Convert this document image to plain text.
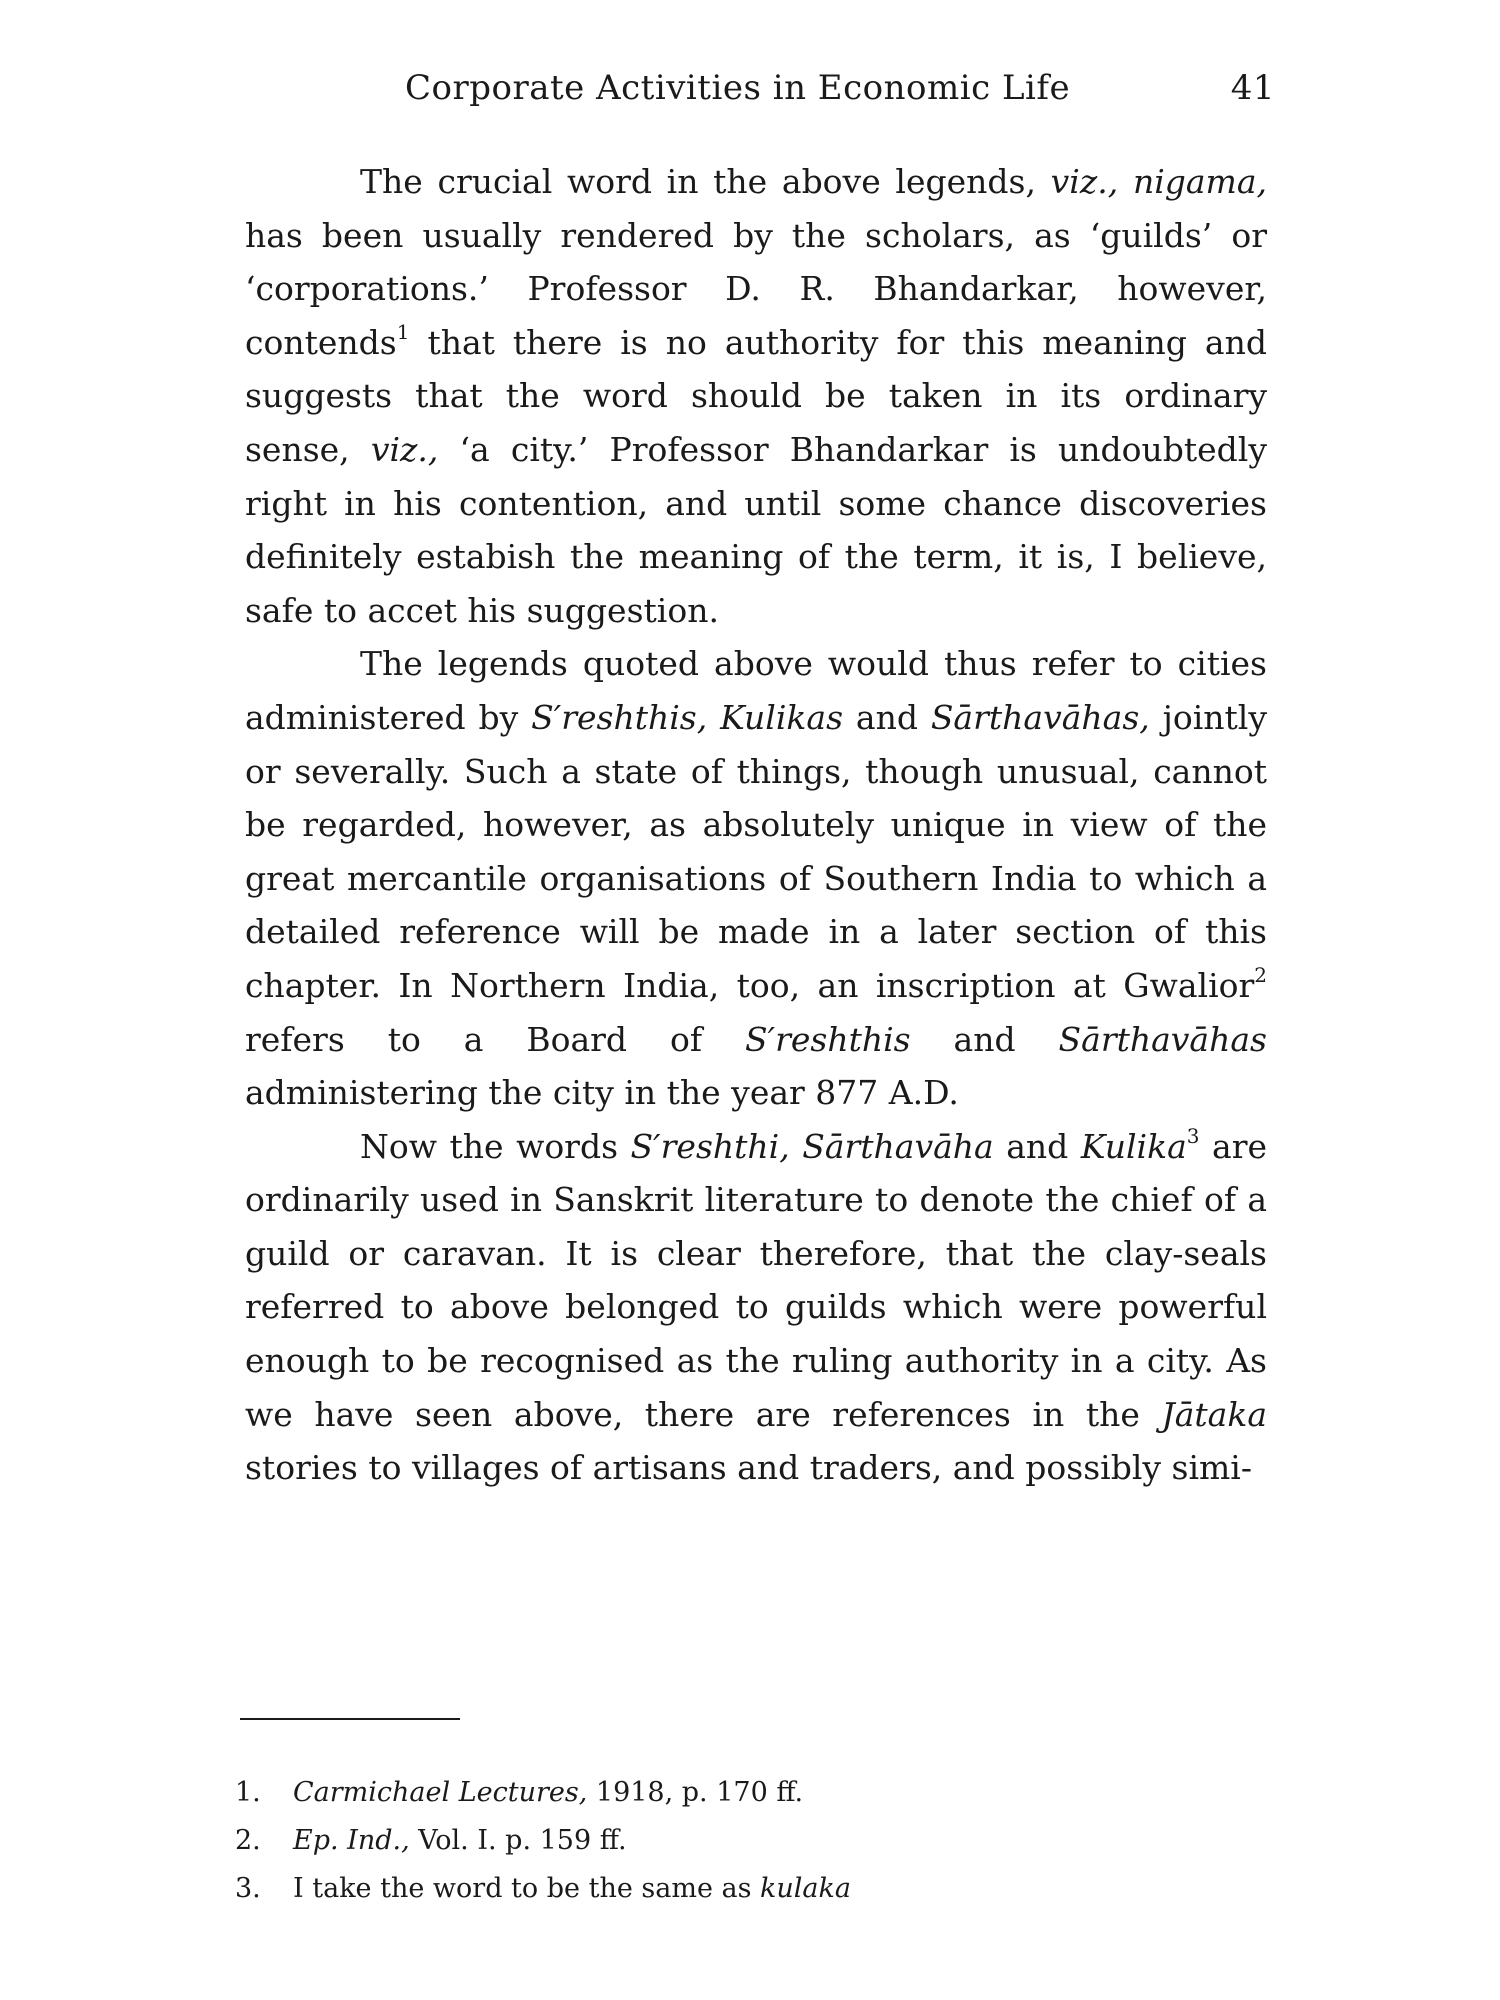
Corporate Activities in Economic Life	41

The crucial word in the above legends, viz., nigama, has been usually rendered by the scholars, as ‘guilds’ or ‘corporations.’ Professor D. R. Bhandarkar, however, contends$^1$ that there is no authority for this meaning and suggests that the word should be taken in its ordinary sense, viz., ‘a city.’ Professor Bhandarkar is undoubtedly right in his contention, and until some chance discoveries definitely estabish the meaning of the term, it is, I believe, safe to accet his suggestion.

The legends quoted above would thus refer to cities administered by S′reshthis, Kulikas and Sārthavāhas, jointly or severally. Such a state of things, though unusual, cannot be regarded, however, as absolutely unique in view of the great mercantile organisations of Southern India to which a detailed reference will be made in a later section of this chapter. In Northern India, too, an inscription at Gwalior$^2$ refers to a Board of S′reshthis and Sārthavāhas administering the city in the year 877 A.D.

Now the words S′reshthi, Sārthavāha and Kulika$^3$ are ordinarily used in Sanskrit literature to denote the chief of a guild or caravan. It is clear therefore, that the clay-seals referred to above belonged to guilds which were powerful enough to be recognised as the ruling authority in a city. As we have seen above, there are references in the Jātaka stories to villages of artisans and traders, and possibly simi-

1.	Carmichael Lectures, 1918, p. 170 ff.
2.	Ep. Ind., Vol. I. p. 159 ff.
3.	I take the word to be the same as kulaka
